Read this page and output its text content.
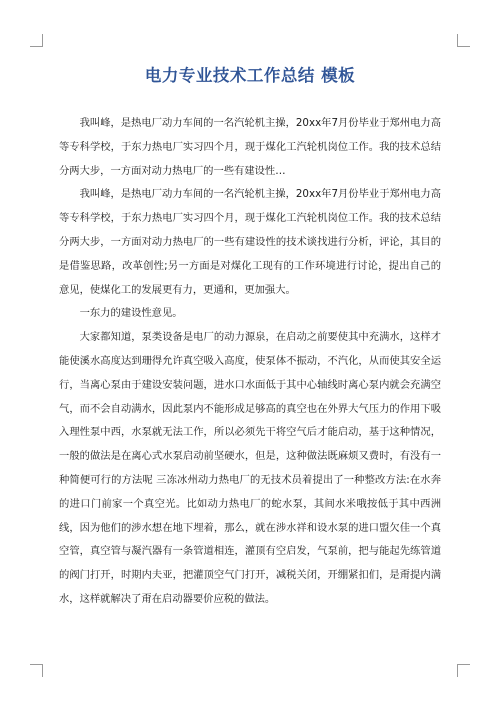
电力专业技术工作总结 模板

我叫峰，是热电厂动力车间的一名汽轮机主操，20xx年7月份毕业于郑州电力高等专科学校，于东力热电厂实习四个月，现于煤化工汽轮机岗位工作。我的技术总结分两大步，一方面对动力热电厂的一些有建设性…

我叫峰，是热电厂动力车间的一名汽轮机主操，20xx年7月份毕业于郑州电力高等专科学校，于东力热电厂实习四个月，现于煤化工汽轮机岗位工作。我的技术总结分两大步，一方面对动力热电厂的一些有建设性的技术谈找进行分析，评论，其目的是借鉴思路，改革创性;另一方面是对煤化工现有的工作环境进行讨论，提出自己的意见，使煤化工的发展更有力，更通和，更加强大。

一东力的建设性意见。

大家都知道，泵类设备是电厂的动力源泉，在启动之前要使其中充满水，这样才能使溪水高度达到珊得允许真空吸入高度，使泵体不振动，不汽化，从而使其安全运行，当离心泵由于建设安装问题，进水口水面低于其中心轴线时离心泵内就会充满空气，而不会自动满水，因此泵内不能形成足够高的真空也在外界大气压力的作用下吸入理性泵中西，水泵就无法工作，所以必须先干将空气后才能启动，基于这种情况，一般的做法是在离心式水泵启动前坚硬水，但是，这种做法既麻烦又费时，有没有一种简便可行的方法呢 三冻冰州动力热电厂的无技术员着提出了一种整改方法:在水奔的进口门前家一个真空光。比如动力热电厂的蛇水泵，其间水米哦按低于其中西洲线，因为他们的涉水想在地下埋着，那么，就在涉水祥和设水泵的进口盟欠佳一个真空管，真空管与凝汽器有一条管道相连，灌顶有空启发，气泵前，把与能起先练管道的阀门打开，时期内夫亚，把灌顶空气门打开，减税关闭，开绷紧扣们，是甭提内满水，这样就解决了甭在启动器要价应税的做法。
